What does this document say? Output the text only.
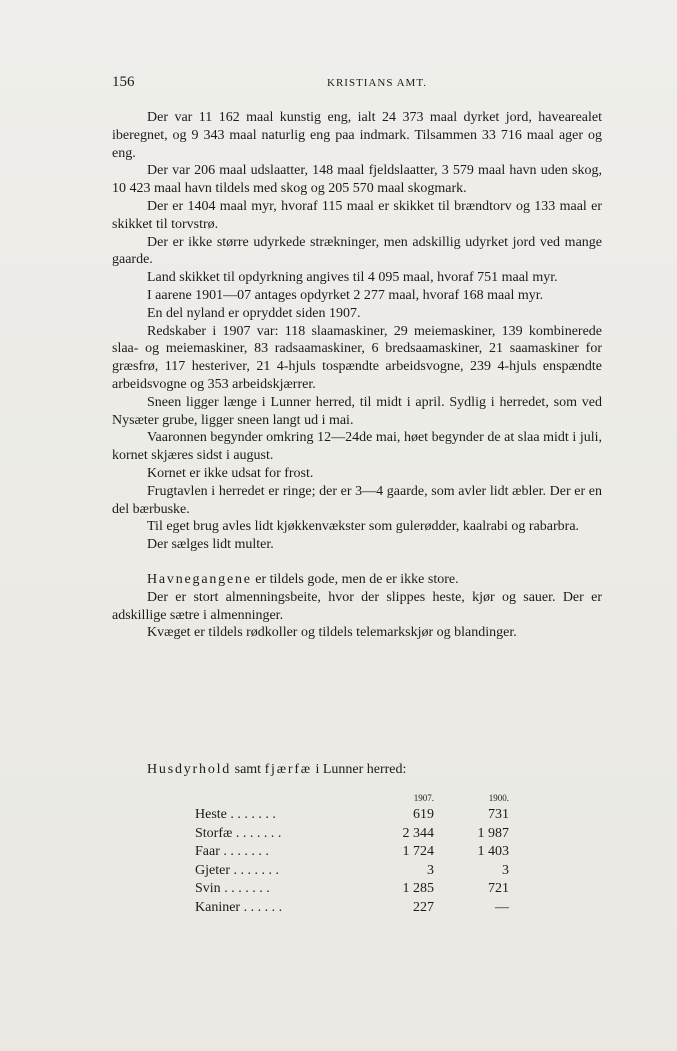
156	KRISTIANS AMT.

Der var 11 162 maal kunstig eng, ialt 24 373 maal dyrket jord, havearealet iberegnet, og 9 343 maal naturlig eng paa indmark. Tilsammen 33 716 maal ager og eng.

Der var 206 maal udslaatter, 148 maal fjeldslaatter, 3 579 maal havn uden skog, 10 423 maal havn tildels med skog og 205 570 maal skogmark.

Der er 1404 maal myr, hvoraf 115 maal er skikket til brændtorv og 133 maal er skikket til torvstrø.

Der er ikke større udyrkede strækninger, men adskillig udyrket jord ved mange gaarde.

Land skikket til opdyrkning angives til 4 095 maal, hvoraf 751 maal myr.

I aarene 1901—07 antages opdyrket 2 277 maal, hvoraf 168 maal myr.

En del nyland er opryddet siden 1907.

Redskaber i 1907 var: 118 slaamaskiner, 29 meiemaskiner, 139 kombinerede slaa- og meiemaskiner, 83 radsaamaskiner, 6 bredsaamaskiner, 21 saamaskiner for græsfrø, 117 hesteriver, 21 4-hjuls tospændte arbeidsvogne, 239 4-hjuls enspændte arbeidsvogne og 353 arbeidskjærrer.

Sneen ligger længe i Lunner herred, til midt i april. Sydlig i herredet, som ved Nysæter grube, ligger sneen langt ud i mai.

Vaaronnen begynder omkring 12—24de mai, høet begynder de at slaa midt i juli, kornet skjæres sidst i august.

Kornet er ikke udsat for frost.

Frugtavlen i herredet er ringe; der er 3—4 gaarde, som avler lidt æbler. Der er en del bærbuske.

Til eget brug avles lidt kjøkkenvækster som gulerødder, kaalrabi og rabarbra.

Der sælges lidt multer.

Havnegangene er tildels gode, men de er ikke store.

Der er stort almenningsbeite, hvor der slippes heste, kjør og sauer. Der er adskillige sætre i almenninger.

Kvæget er tildels rødkoller og tildels telemarkskjør og blandinger.

Husdyrhold samt fjærfæ i Lunner herred:
	1907.	1900.
Heste . . . . . . .	619	731
Storfæ . . . . . . .	2 344	1 987
Faar . . . . . . .	1 724	1 403
Gjeter . . . . . . .	3	3
Svin . . . . . . .	1 285	721
Kaniner . . . . . .	227	—
